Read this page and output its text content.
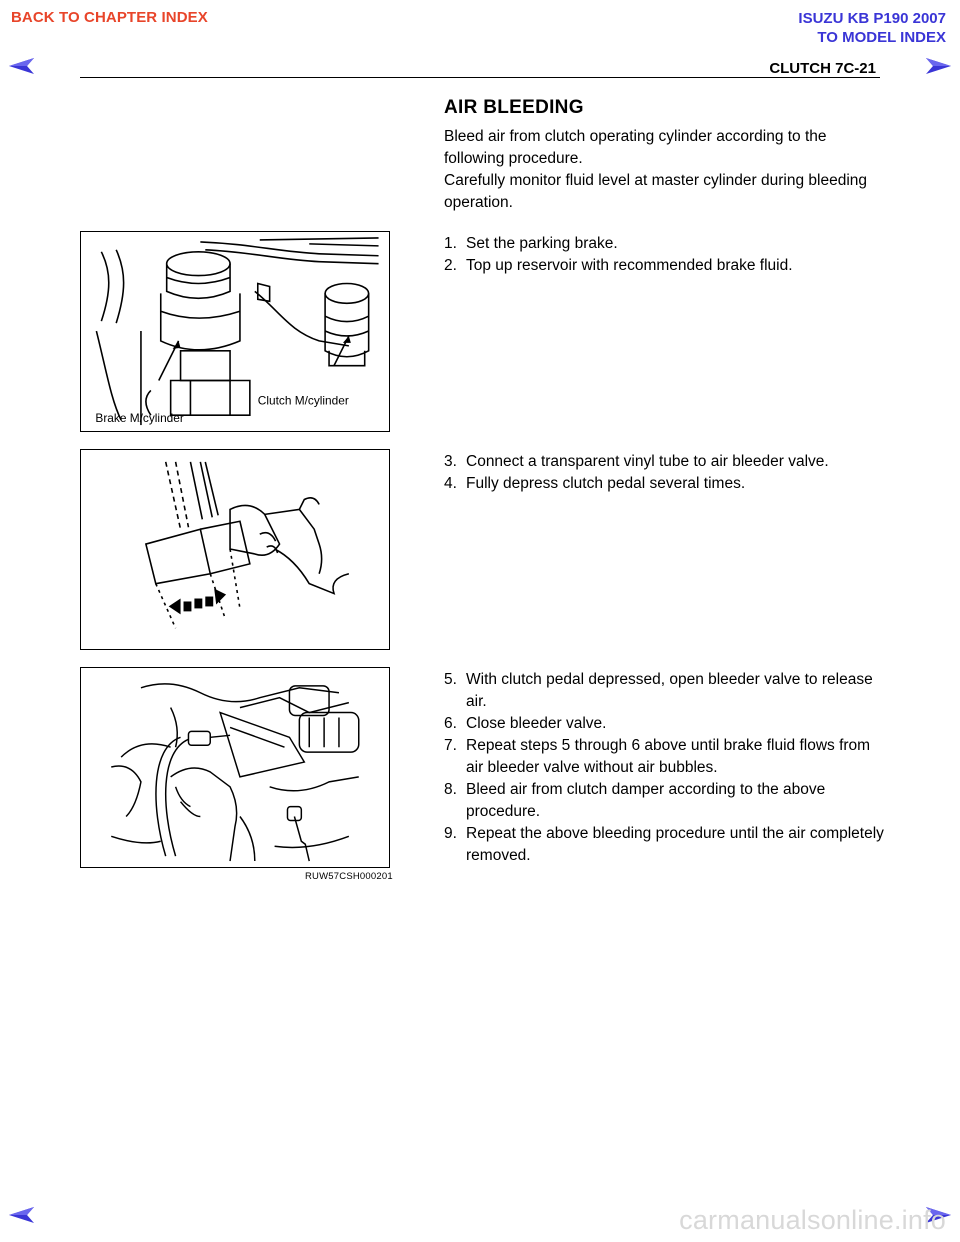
BACK TO CHAPTER INDEX	ISUZU KB P190 2007
TO MODEL INDEX
CLUTCH 7C-21
AIR BLEEDING
Bleed air from clutch operating cylinder according to the
following procedure.
Carefully monitor fluid level at master cylinder during bleeding
operation.
Brake M/cylinder
Clutch M/cylinder
1. Set the parking brake.
2. Top up reservoir with recommended brake fluid.
3. Connect a transparent vinyl tube to air bleeder valve.
4. Fully depress clutch pedal several times.
RUW57CSH000201
5. With clutch pedal depressed, open bleeder valve to release air.
6. Close bleeder valve.
7. Repeat steps 5 through 6 above until brake fluid flows from air bleeder valve without air bubbles.
8. Bleed air from clutch damper according to the above procedure.
9. Repeat the above bleeding procedure until the air completely removed.
carmanualsonline.info
